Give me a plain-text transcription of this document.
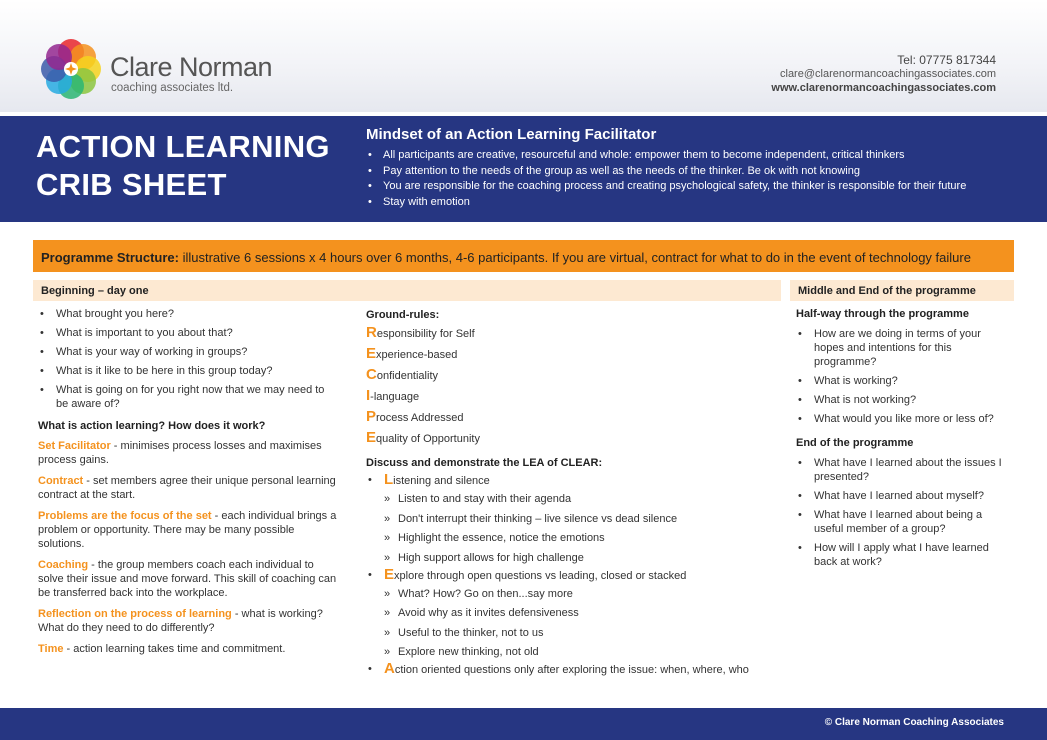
Clare Norman
coaching associates ltd.
Tel: 07775 817344
clare@clarenormancoachingassociates.com
www.clarenormancoachingassociates.com
ACTION LEARNING
CRIB SHEET
Mindset of an Action Learning Facilitator
• All participants are creative, resourceful and whole: empower them to become independent, critical thinkers
• Pay attention to the needs of the group as well as the needs of the thinker. Be ok with not knowing
• You are responsible for the coaching process and creating psychological safety, the thinker is responsible for their future
• Stay with emotion
Programme Structure: illustrative 6 sessions x 4 hours over 6 months, 4-6 participants. If you are virtual, contract for what to do in the event of technology failure
Beginning – day one	Middle and End of the programme
• What brought you here?
• What is important to you about that?
• What is your way of working in groups?
• What is it like to be here in this group today?
• What is going on for you right now that we may need to be aware of?
What is action learning? How does it work?

Set Facilitator - minimises process losses and maximises process gains.

Contract - set members agree their unique personal learning contract at the start.

Problems are the focus of the set - each individual brings a problem or opportunity. There may be many possible solutions.

Coaching - the group members coach each individual to solve their issue and move forward. This skill of coaching can be transferred back into the workplace.

Reflection on the process of learning - what is working? What do they need to do differently?

Time - action learning takes time and commitment.

Ground-rules:
Responsibility for Self
Experience-based
Confidentiality
I-language
Process Addressed
Equality of Opportunity
Discuss and demonstrate the LEA of CLEAR:
• Listening and silence
» Listen to and stay with their agenda
» Don't interrupt their thinking – live silence vs dead silence
» Highlight the essence, notice the emotions
» High support allows for high challenge
• Explore through open questions vs leading, closed or stacked
» What? How? Go on then...say more
» Avoid why as it invites defensiveness
» Useful to the thinker, not to us
» Explore new thinking, not old
• Action oriented questions only after exploring the issue: when, where, who
Half-way through the programme
• How are we doing in terms of your hopes and intentions for this programme?
• What is working?
• What is not working?
• What would you like more or less of?
End of the programme
• What have I learned about the issues I presented?
• What have I learned about myself?
• What have I learned about being a useful member of a group?
• How will I apply what I have learned back at work?
© Clare Norman Coaching Associates
